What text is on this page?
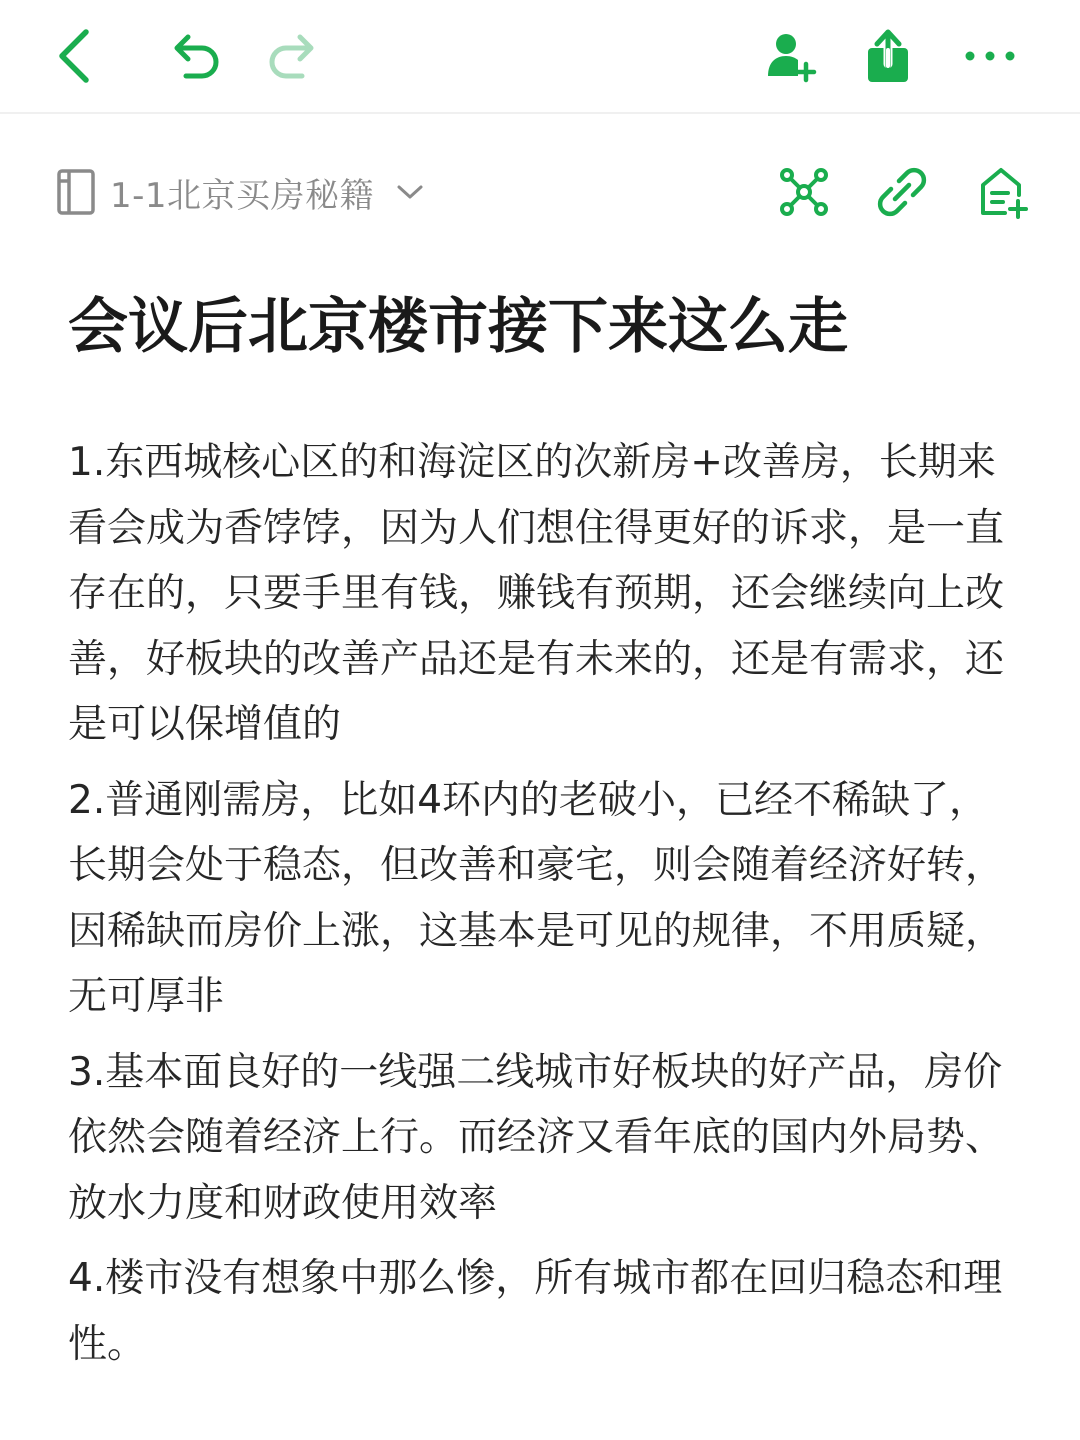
1-1北京买房秘籍
会议后北京楼市接下来这么走

1.东西城核心区的和海淀区的次新房+改善房，长期来看会成为香饽饽，因为人们想住得更好的诉求，是一直存在的，只要手里有钱，赚钱有预期，还会继续向上改善，好板块的改善产品还是有未来的，还是有需求，还是可以保增值的

2.普通刚需房，比如4环内的老破小，已经不稀缺了，长期会处于稳态，但改善和豪宅，则会随着经济好转，因稀缺而房价上涨，这基本是可见的规律，不用质疑，无可厚非

3.基本面良好的一线强二线城市好板块的好产品，房价依然会随着经济上行。而经济又看年底的国内外局势、放水力度和财政使用效率

4.楼市没有想象中那么惨，所有城市都在回归稳态和理性。
